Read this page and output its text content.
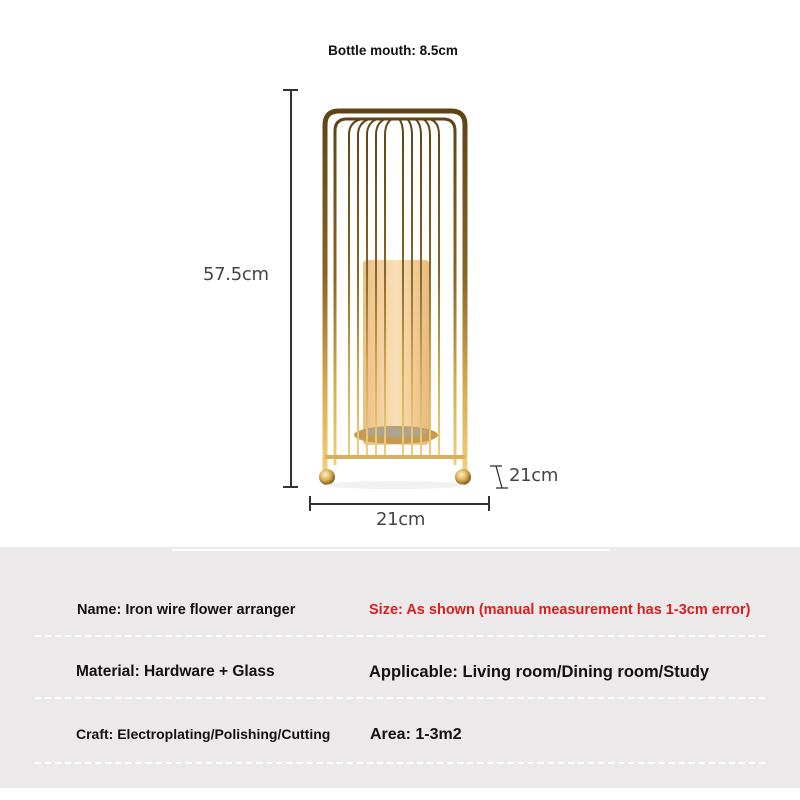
Bottle mouth: 8.5cm
57.5cm
21cm
21cm
Name: Iron wire flower arranger	Size: As shown (manual measurement has 1-3cm error)
Material: Hardware + Glass	Applicable: Living room/Dining room/Study
Craft: Electroplating/Polishing/Cutting Area: 1-3m2
